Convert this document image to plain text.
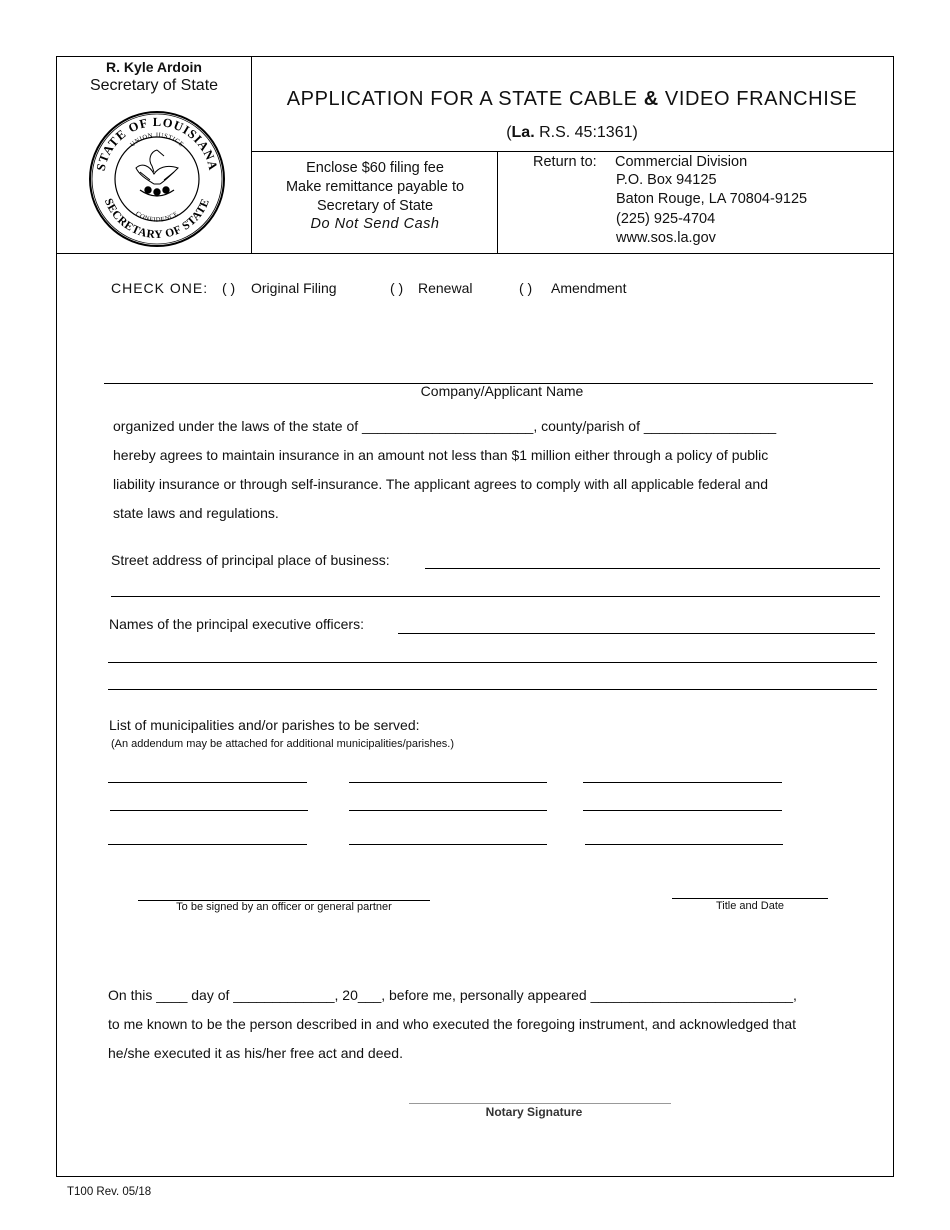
R. Kyle Ardoin
Secretary of State
STATE OF LOUISIANA
SECRETARY OF STATE
UNION JUSTICE
CONFIDENCE
APPLICATION FOR A STATE CABLE & VIDEO FRANCHISE
(La. R.S. 45:1361)
Enclose $60 filing fee
Make remittance payable to
Secretary of State
Do Not Send Cash
Return to: Commercial Division
P.O. Box 94125
Baton Rouge, LA 70804-9125
(225) 925-4704
www.sos.la.gov
CHECK ONE: ( ) Original Filing	( ) Renewal	( ) Amendment
Company/Applicant Name
organized under the laws of the state of ______________________, county/parish of _________________
hereby agrees to maintain insurance in an amount not less than $1 million either through a policy of public
liability insurance or through self-insurance. The applicant agrees to comply with all applicable federal and
state laws and regulations.
Street address of principal place of business:
Names of the principal executive officers:
List of municipalities and/or parishes to be served:
(An addendum may be attached for additional municipalities/parishes.)
To be signed by an officer or general partner	Title and Date
On this ____ day of _____________, 20___, before me, personally appeared __________________________,
to me known to be the person described in and who executed the foregoing instrument, and acknowledged that
he/she executed it as his/her free act and deed.
Notary Signature
T100 Rev. 05/18
